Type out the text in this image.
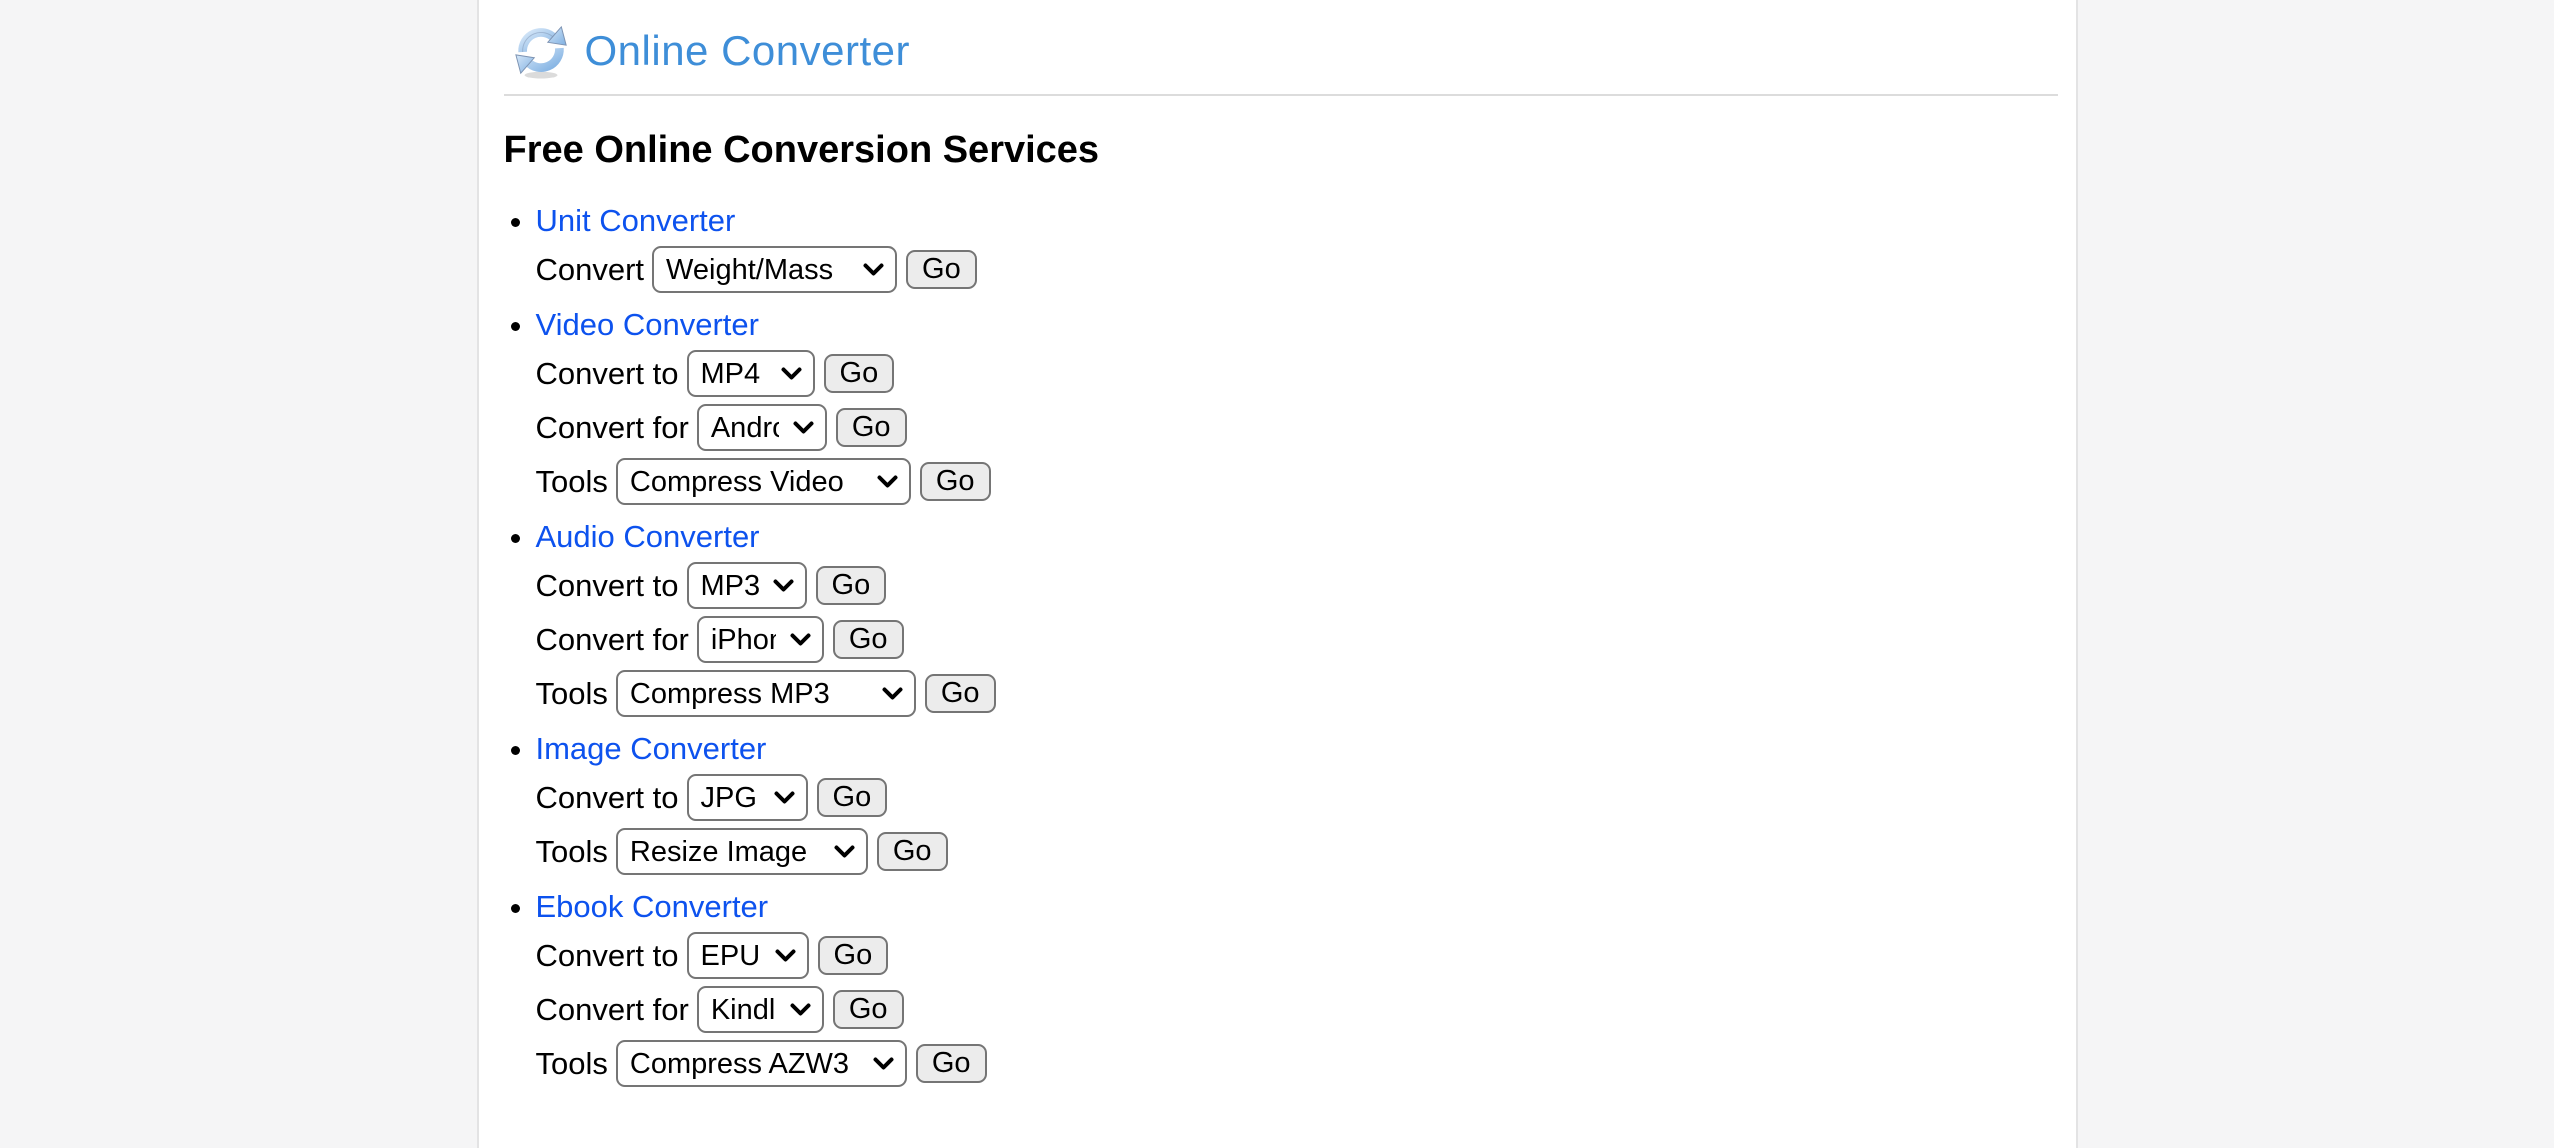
Online Converter
Free Online Conversion Services
• Unit Converter
Convert
Weight/Mass	Go
• Video Converter
Convert to
MP4	Go
Convert for
Android	Go
Tools
Compress Video	Go
• Audio Converter
Convert to
MP3	Go
Convert for
iPhone	Go
Tools
Compress MP3	Go
• Image Converter
Convert to
JPG	Go
Tools
Resize Image	Go
• Ebook Converter
Convert to
EPUB	Go
Convert for
Kindle	Go
Tools
Compress AZW3	Go
